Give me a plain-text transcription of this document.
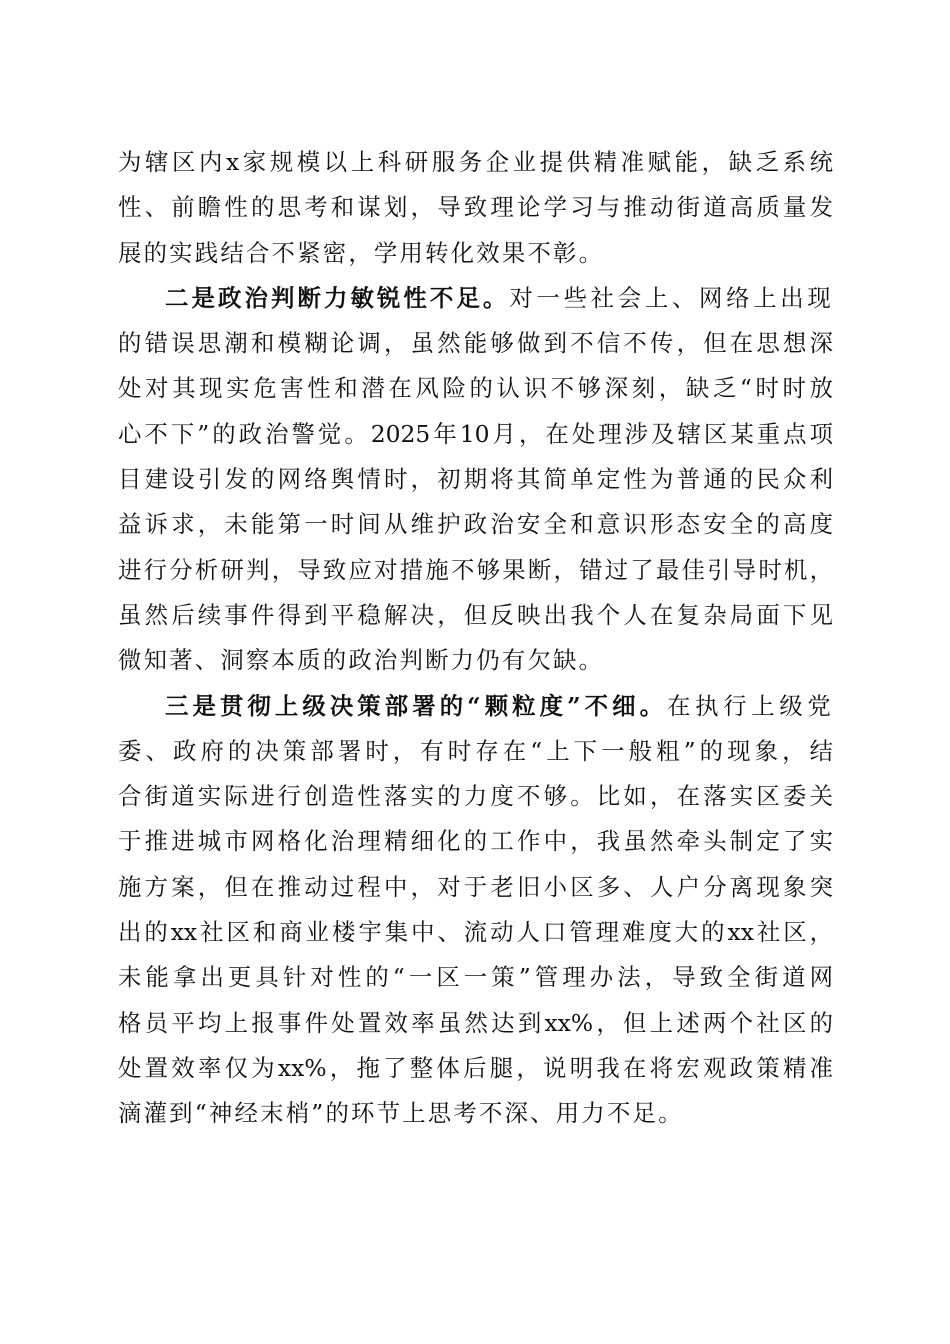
为辖区内x家规模以上科研服务企业提供精准赋能，缺乏系统
性、前瞻性的思考和谋划，导致理论学习与推动街道高质量发
展的实践结合不紧密，学用转化效果不彰。
二是政治判断力敏锐性不足。对一些社会上、网络上出现
的错误思潮和模糊论调，虽然能够做到不信不传，但在思想深
处对其现实危害性和潜在风险的认识不够深刻，缺乏“时时放
心不下”的政治警觉。2025年10月，在处理涉及辖区某重点项
目建设引发的网络舆情时，初期将其简单定性为普通的民众利
益诉求，未能第一时间从维护政治安全和意识形态安全的高度
进行分析研判，导致应对措施不够果断，错过了最佳引导时机，
虽然后续事件得到平稳解决，但反映出我个人在复杂局面下见
微知著、洞察本质的政治判断力仍有欠缺。
三是贯彻上级决策部署的“颗粒度”不细。在执行上级党
委、政府的决策部署时，有时存在“上下一般粗”的现象，结
合街道实际进行创造性落实的力度不够。比如，在落实区委关
于推进城市网格化治理精细化的工作中，我虽然牵头制定了实
施方案，但在推动过程中，对于老旧小区多、人户分离现象突
出的xx社区和商业楼宇集中、流动人口管理难度大的xx社区，
未能拿出更具针对性的“一区一策”管理办法，导致全街道网
格员平均上报事件处置效率虽然达到xx%，但上述两个社区的
处置效率仅为xx%，拖了整体后腿，说明我在将宏观政策精准
滴灌到“神经末梢”的环节上思考不深、用力不足。
